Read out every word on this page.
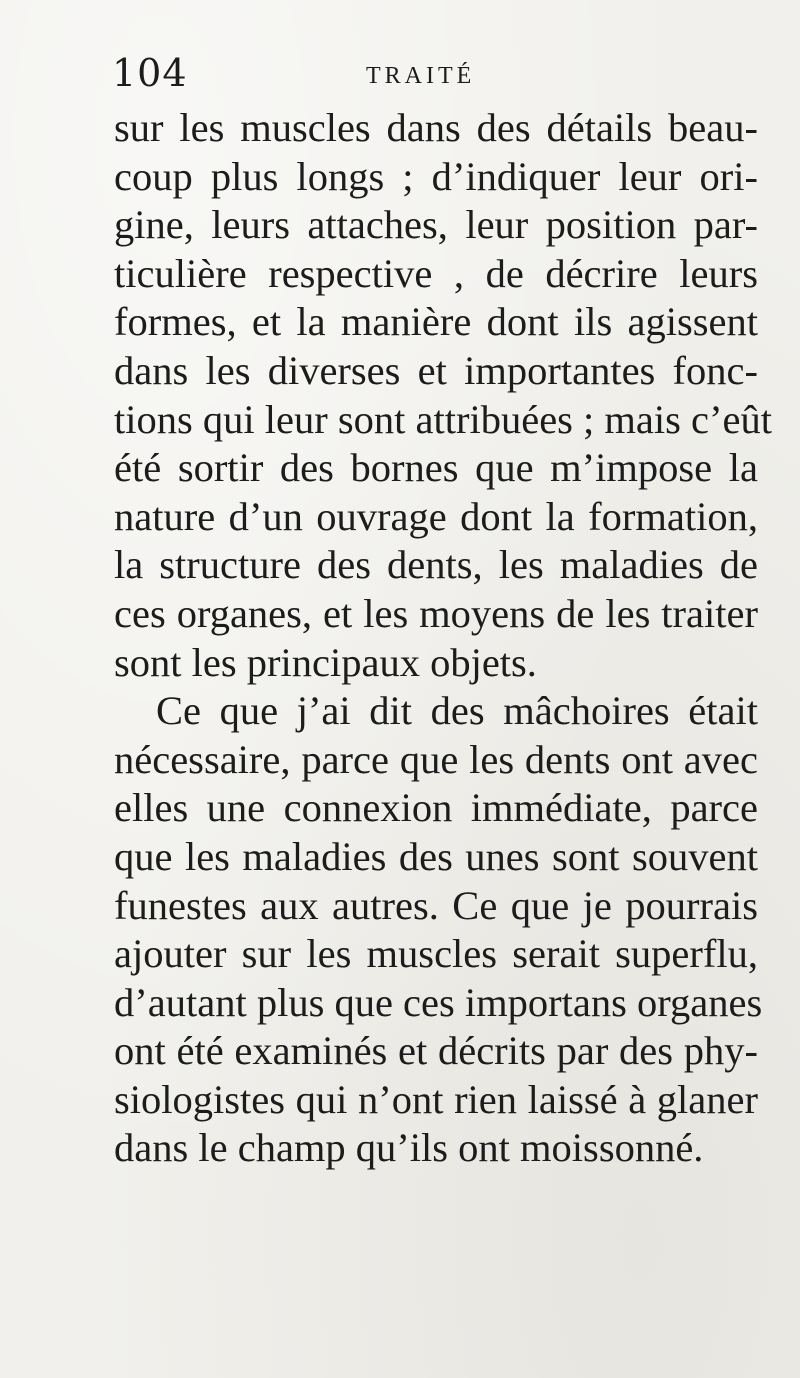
104	TRAITÉ
sur les muscles dans des détails beau-
coup plus longs ; d’indiquer leur ori-
gine, leurs attaches, leur position par-
ticulière respective , de décrire leurs
formes, et la manière dont ils agissent
dans les diverses et importantes fonc-
tions qui leur sont attribuées ; mais c’eût
été sortir des bornes que m’impose la
nature d’un ouvrage dont la formation,
la structure des dents, les maladies de
ces organes, et les moyens de les traiter
sont les principaux objets.
Ce que j’ai dit des mâchoires était
nécessaire, parce que les dents ont avec
elles une connexion immédiate, parce
que les maladies des unes sont souvent
funestes aux autres. Ce que je pourrais
ajouter sur les muscles serait superflu,
d’autant plus que ces importans organes
ont été examinés et décrits par des phy-
siologistes qui n’ont rien laissé à glaner
dans le champ qu’ils ont moissonné.
